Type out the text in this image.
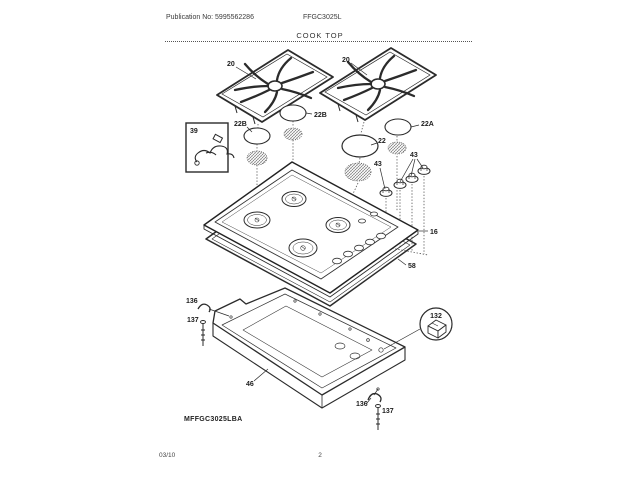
Publication No: 5995562286	FFGC3025L
COOK TOP
20
20
22B
22B
22A
22
39
43
43
16
58
136
137
132
46
136
137
MFFGC3025LBA
03/10	2
